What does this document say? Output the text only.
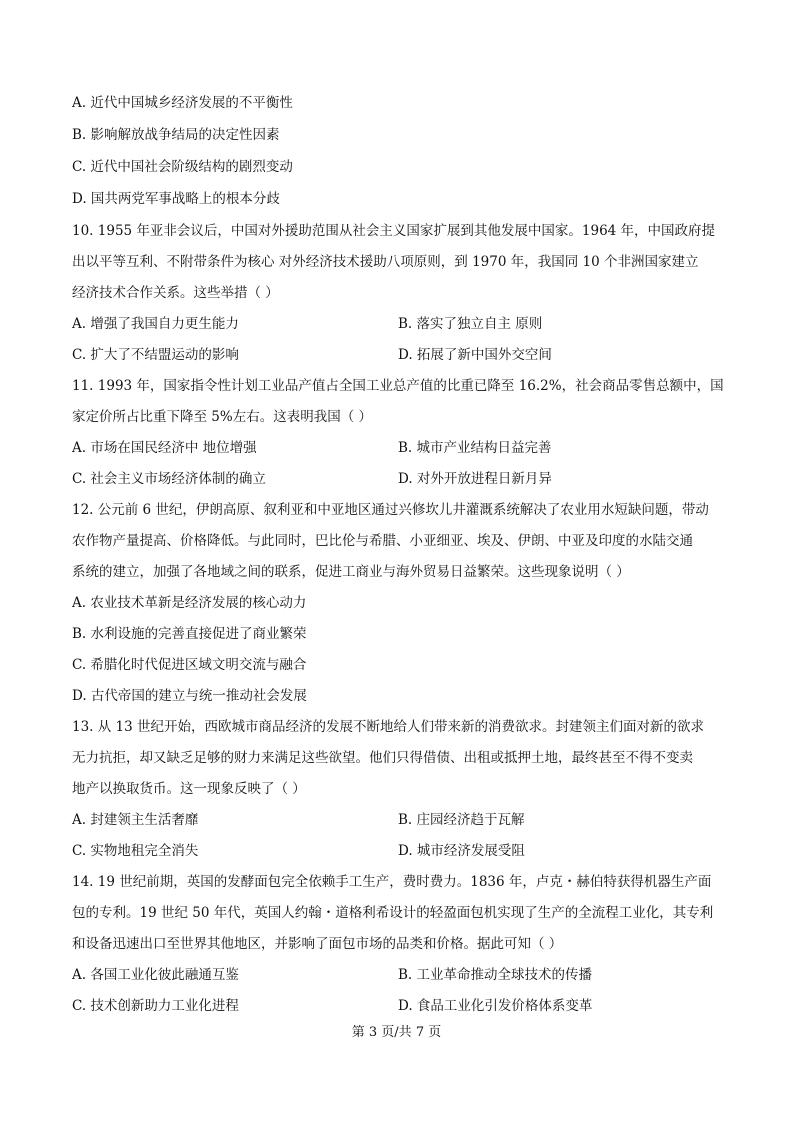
A. 近代中国城乡经济发展的不平衡性
B. 影响解放战争结局的决定性因素
C. 近代中国社会阶级结构的剧烈变动
D. 国共两党军事战略上的根本分歧
10. 1955 年亚非会议后，中国对外援助范围从社会主义国家扩展到其他发展中国家。1964 年，中国政府提
出以平等互利、不附带条件为核心 对外经济技术援助八项原则，到 1970 年，我国同 10 个非洲国家建立
经济技术合作关系。这些举措（ ）
A. 增强了我国自力更生能力	B. 落实了独立自主 原则
C. 扩大了不结盟运动的影响	D. 拓展了新中国外交空间
11. 1993 年，国家指令性计划工业品产值占全国工业总产值的比重已降至 16.2%，社会商品零售总额中，国
家定价所占比重下降至 5%左右。这表明我国（ ）
A. 市场在国民经济中 地位增强	B. 城市产业结构日益完善
C. 社会主义市场经济体制的确立	D. 对外开放进程日新月异
12. 公元前 6 世纪，伊朗高原、叙利亚和中亚地区通过兴修坎儿井灌溉系统解决了农业用水短缺问题，带动
农作物产量提高、价格降低。与此同时，巴比伦与希腊、小亚细亚、埃及、伊朗、中亚及印度的水陆交通
系统的建立，加强了各地域之间的联系，促进工商业与海外贸易日益繁荣。这些现象说明（ ）
A. 农业技术革新是经济发展的核心动力
B. 水利设施的完善直接促进了商业繁荣
C. 希腊化时代促进区域文明交流与融合
D. 古代帝国的建立与统一推动社会发展
13. 从 13 世纪开始，西欧城市商品经济的发展不断地给人们带来新的消费欲求。封建领主们面对新的欲求
无力抗拒，却又缺乏足够的财力来满足这些欲望。他们只得借债、出租或抵押土地，最终甚至不得不变卖
地产以换取货币。这一现象反映了（ ）
A. 封建领主生活奢靡	B. 庄园经济趋于瓦解
C. 实物地租完全消失	D. 城市经济发展受阻
14. 19 世纪前期，英国的发酵面包完全依赖手工生产，费时费力。1836 年，卢克・赫伯特获得机器生产面
包的专利。19 世纪 50 年代，英国人约翰・道格利希设计的轻盈面包机实现了生产的全流程工业化，其专利
和设备迅速出口至世界其他地区，并影响了面包市场的品类和价格。据此可知（ ）
A. 各国工业化彼此融通互鉴	B. 工业革命推动全球技术的传播
C. 技术创新助力工业化进程	D. 食品工业化引发价格体系变革
第 3 页/共 7 页
